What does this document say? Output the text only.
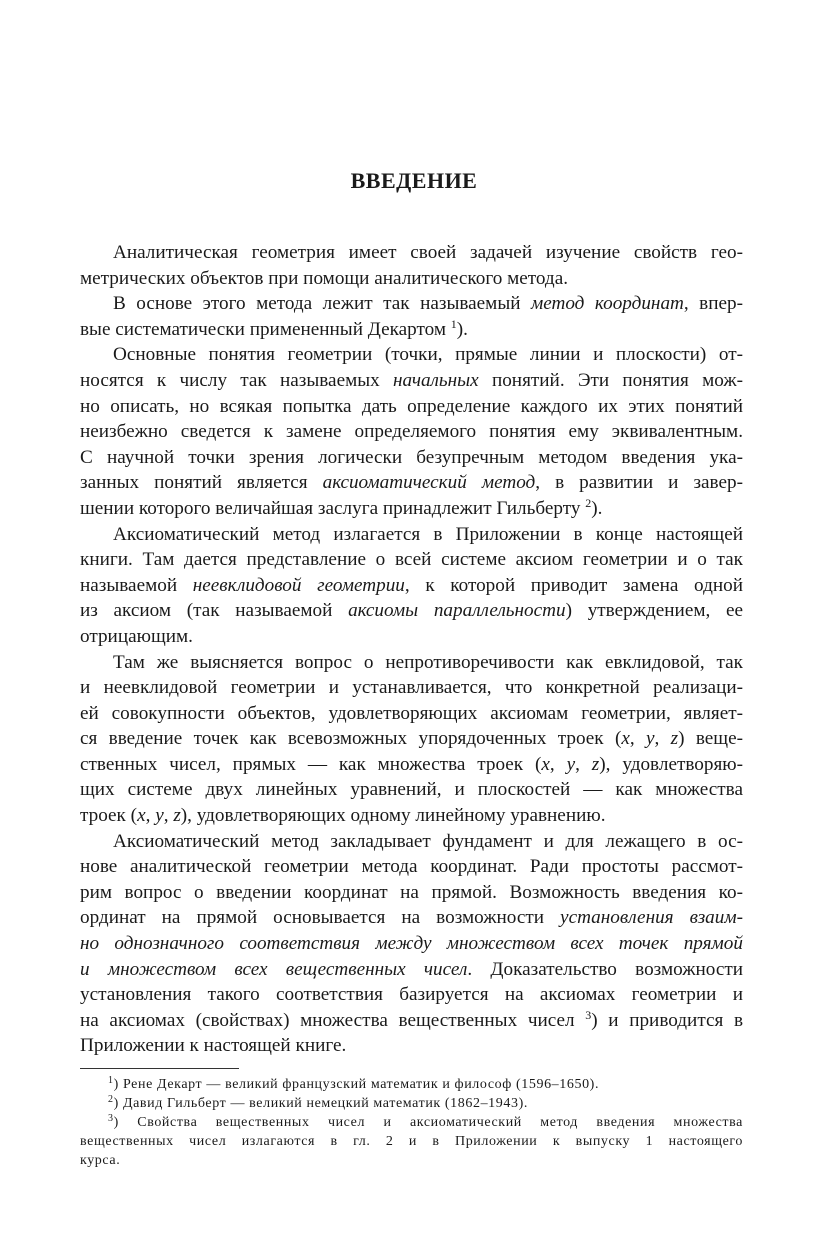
ВВЕДЕНИЕ
Аналитическая геометрия имеет своей задачей изучение свойств гео-
метрических объектов при помощи аналитического метода.
В основе этого метода лежит так называемый метод координат, впер-
вые систематически примененный Декартом $^1$).
Основные понятия геометрии (точки, прямые линии и плоскости) от-
носятся к числу так называемых начальных понятий. Эти понятия мож-
но описать, но всякая попытка дать определение каждого их этих понятий
неизбежно сведется к замене определяемого понятия ему эквивалентным.
С научной точки зрения логически безупречным методом введения ука-
занных понятий является аксиоматический метод, в развитии и завер-
шении которого величайшая заслуга принадлежит Гильберту $^2$).
Аксиоматический метод излагается в Приложении в конце настоящей
книги. Там дается представление о всей системе аксиом геометрии и о так
называемой неевклидовой геометрии, к которой приводит замена одной
из аксиом (так называемой аксиомы параллельности) утверждением, ее
отрицающим.
Там же выясняется вопрос о непротиворечивости как евклидовой, так
и неевклидовой геометрии и устанавливается, что конкретной реализаци-
ей совокупности объектов, удовлетворяющих аксиомам геометрии, являет-
ся введение точек как всевозможных упорядоченных троек (x, y, z) веще-
ственных чисел, прямых — как множества троек (x, y, z), удовлетворяю-
щих системе двух линейных уравнений, и плоскостей — как множества
троек (x, y, z), удовлетворяющих одному линейному уравнению.
Аксиоматический метод закладывает фундамент и для лежащего в ос-
нове аналитической геометрии метода координат. Ради простоты рассмот-
рим вопрос о введении координат на прямой. Возможность введения ко-
ординат на прямой основывается на возможности установления взаим-
но однозначного соответствия между множеством всех точек прямой
и множеством всех вещественных чисел. Доказательство возможности
установления такого соответствия базируется на аксиомах геометрии и
на аксиомах (свойствах) множества вещественных чисел $^3$) и приводится в
Приложении к настоящей книге.
$^1$) Рене Декарт — великий французский математик и философ (1596–1650).
$^2$) Давид Гильберт — великий немецкий математик (1862–1943).
$^3$) Свойства вещественных чисел и аксиоматический метод введения множества
вещественных чисел излагаются в гл. 2 и в Приложении к выпуску 1 настоящего
курса.
